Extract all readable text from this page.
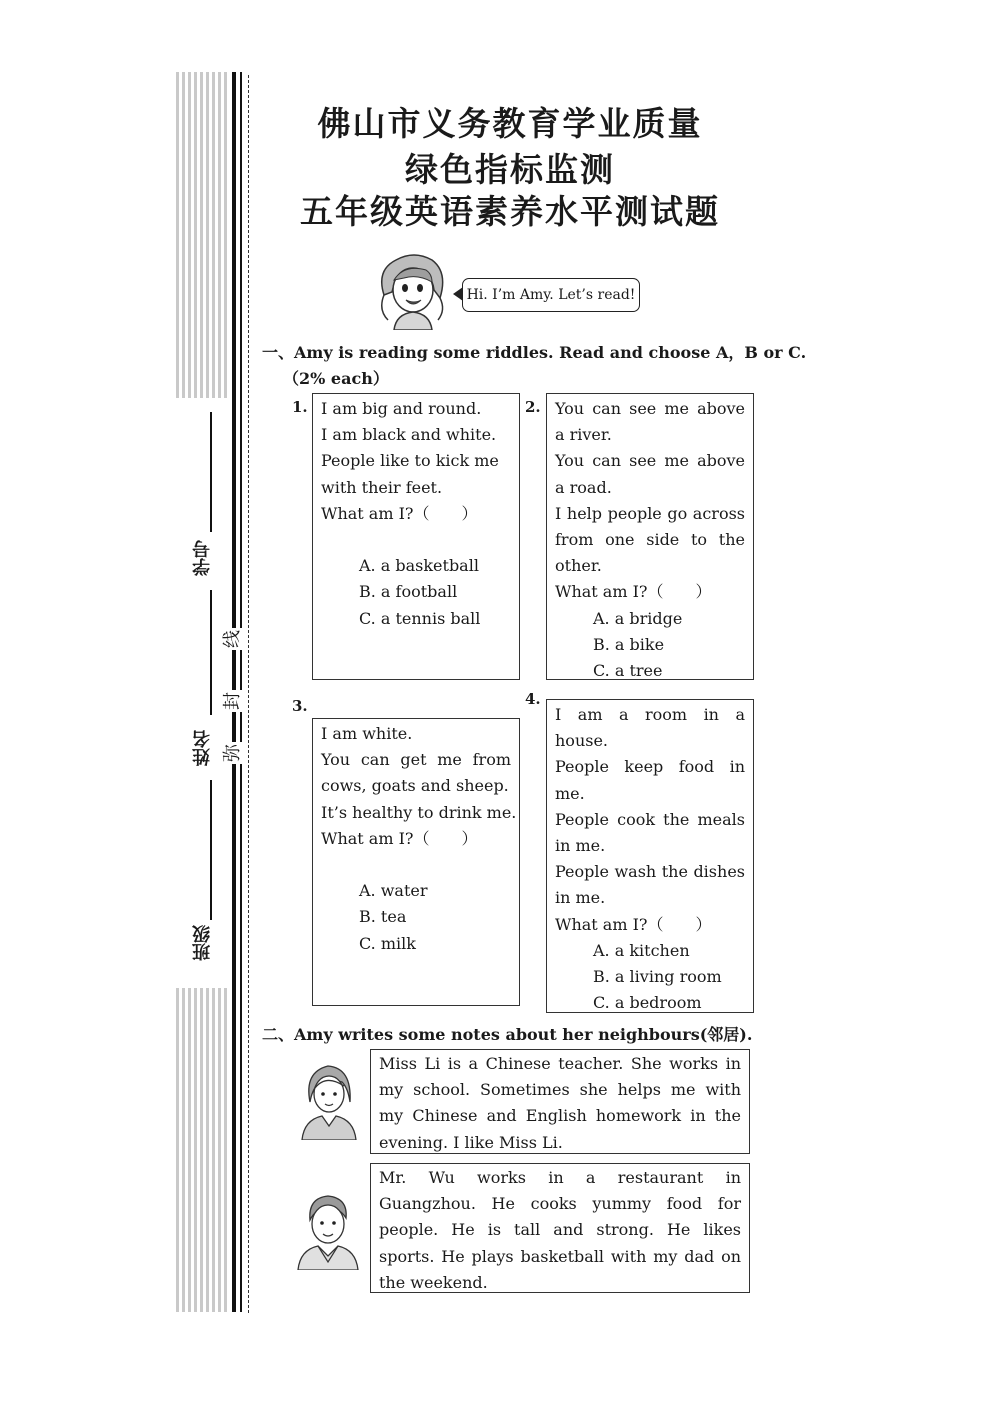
学号
姓名
班级
线
封
弥
佛山市义务教育学业质量
绿色指标监测
五年级英语素养水平测试题
Hi. I’m Amy. Let’s read!
一、Amy is reading some riddles. Read and choose A，B or C.
（2% each）
1. I am big and round.
I am black and white.
People like to kick me
with their feet.
What am I?（　　）

A. a basketball
B. a football
C. a tennis ball
2. You can see me above
a river.
You can see me above
a road.
I help people go across
from one side to the
other.
What am I?（　　）
A. a bridge
B. a bike
C. a tree
3.
I am white.
You can get me from
cows, goats and sheep.
It’s healthy to drink me.
What am I?（　　）

A. water
B. tea
C. milk
4.
I am a room in a
house.
People keep food in
me.
People cook the meals
in me.
People wash the dishes
in me.
What am I?（　　）
A. a kitchen
B. a living room
C. a bedroom
二、Amy writes some notes about her neighbours(邻居).
Miss Li is a Chinese teacher. She works in
my school. Sometimes she helps me with
my Chinese and English homework in the
evening. I like Miss Li.
Mr. Wu works in a restaurant in
Guangzhou. He cooks yummy food for
people. He is tall and strong. He likes
sports. He plays basketball with my dad on
the weekend.
